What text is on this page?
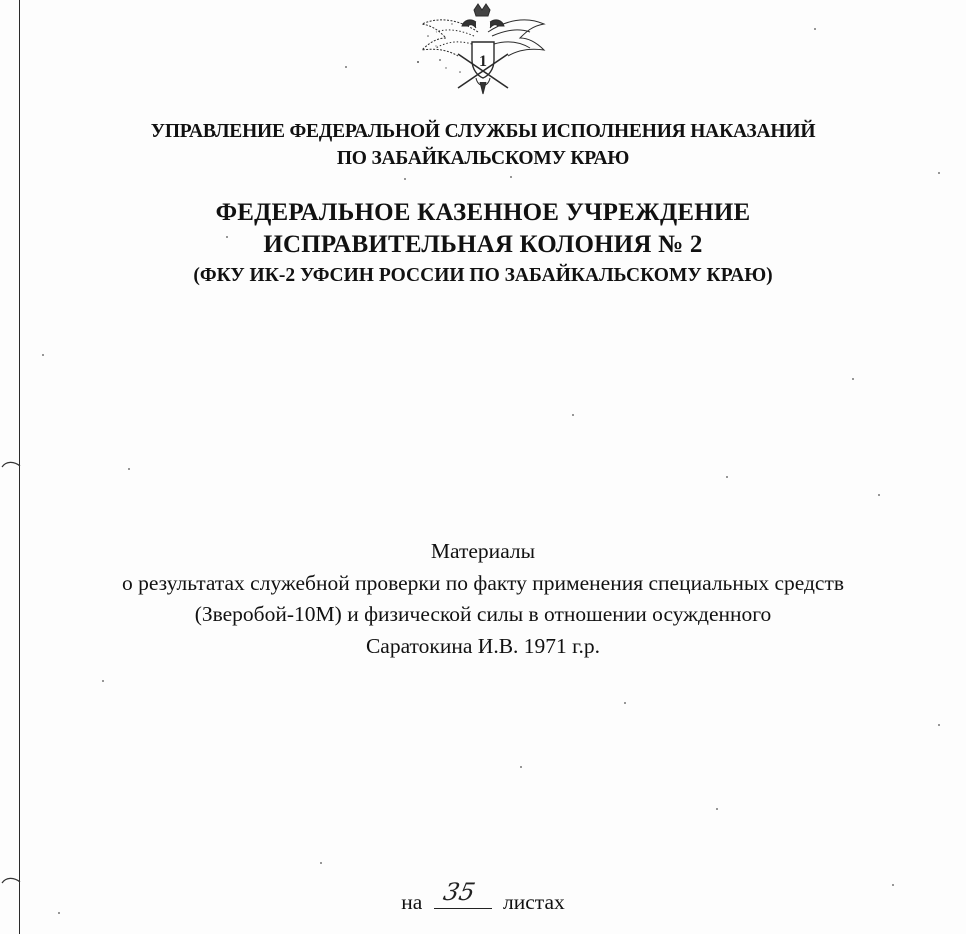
1
УПРАВЛЕНИЕ ФЕДЕРАЛЬНОЙ СЛУЖБЫ ИСПОЛНЕНИЯ НАКАЗАНИЙ
ПО ЗАБАЙКАЛЬСКОМУ КРАЮ
ФЕДЕРАЛЬНОЕ КАЗЕННОЕ УЧРЕЖДЕНИЕ
ИСПРАВИТЕЛЬНАЯ КОЛОНИЯ № 2
(ФКУ ИК-2 УФСИН РОССИИ ПО ЗАБАЙКАЛЬСКОМУ КРАЮ)
Материалы
о результатах служебной проверки по факту применения специальных средств
(Зверобой-10М) и физической силы в отношении осужденного
Саратокина И.В. 1971 г.р.
на 35 листах
